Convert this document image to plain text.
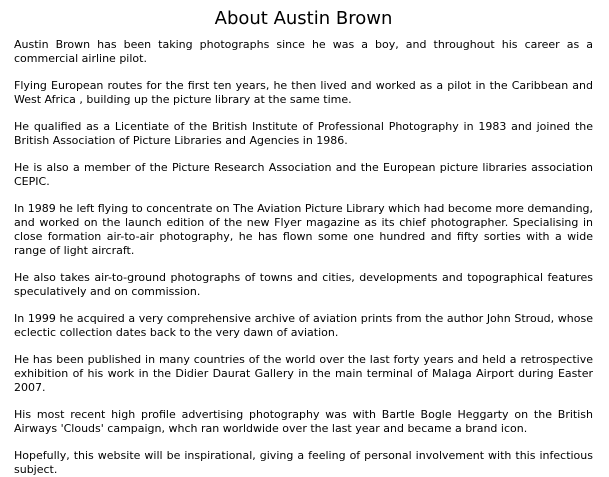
About Austin Brown

Austin Brown has been taking photographs since he was a boy, and throughout his career as a commercial airline pilot.

Flying European routes for the first ten years, he then lived and worked as a pilot in the Caribbean and West Africa , building up the picture library at the same time.

He qualified as a Licentiate of the British Institute of Professional Photography in 1983 and joined the British Association of Picture Libraries and Agencies in 1986.

He is also a member of the Picture Research Association and the European picture libraries association CEPIC.

In 1989 he left flying to concentrate on The Aviation Picture Library which had become more demanding, and worked on the launch edition of the new Flyer magazine as its chief photographer. Specialising in close formation air-to-air photography, he has flown some one hundred and fifty sorties with a wide range of light aircraft.

He also takes air-to-ground photographs of towns and cities, developments and topographical features speculatively and on commission.

In 1999 he acquired a very comprehensive archive of aviation prints from the author John Stroud, whose eclectic collection dates back to the very dawn of aviation.

He has been published in many countries of the world over the last forty years and held a retrospective exhibition of his work in the Didier Daurat Gallery in the main terminal of Malaga Airport during Easter 2007.

His most recent high profile advertising photography was with Bartle Bogle Heggarty on the British Airways 'Clouds' campaign, whch ran worldwide over the last year and became a brand icon.

Hopefully, this website will be inspirational, giving a feeling of personal involvement with this infectious subject.
